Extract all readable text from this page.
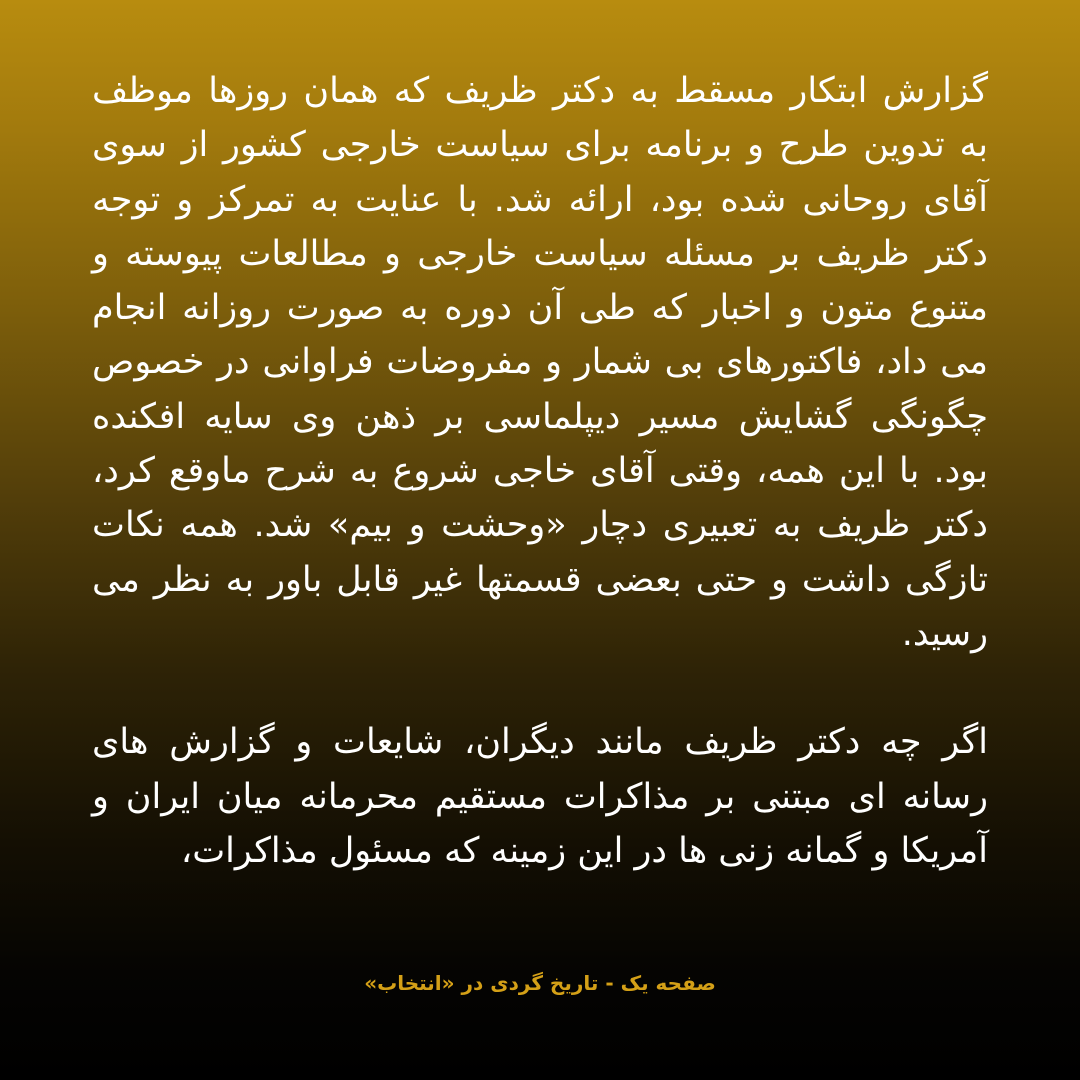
گزارش ابتکار مسقط به دکتر ظریف که همان روزها موظف به تدوین طرح و برنامه برای سیاست خارجی کشور از سوی آقای روحانی شده بود، ارائه شد. با عنایت به تمرکز و توجه دکتر ظریف بر مسئله سیاست خارجی و مطالعات پیوسته و متنوع متون و اخبار که طی آن دوره به صورت روزانه انجام می داد، فاکتورهای بی شمار و مفروضات فراوانی در خصوص چگونگی گشایش مسیر دیپلماسی بر ذهن وی سایه افکنده بود. با این همه، وقتی آقای خاجی شروع به شرح ماوقع کرد، دکتر ظریف به تعبیری دچار «وحشت و بیم» شد. همه نکات تازگی داشت و حتی بعضی قسمتها غیر قابل باور به نظر می رسید.

اگر چه دکتر ظریف مانند دیگران، شایعات و گزارش های رسانه ای مبتنی بر مذاکرات مستقیم محرمانه میان ایران و آمریکا و گمانه زنی ها در این زمینه که مسئول مذاکرات،

صفحه یک - تاریخ گردی در «انتخاب»
